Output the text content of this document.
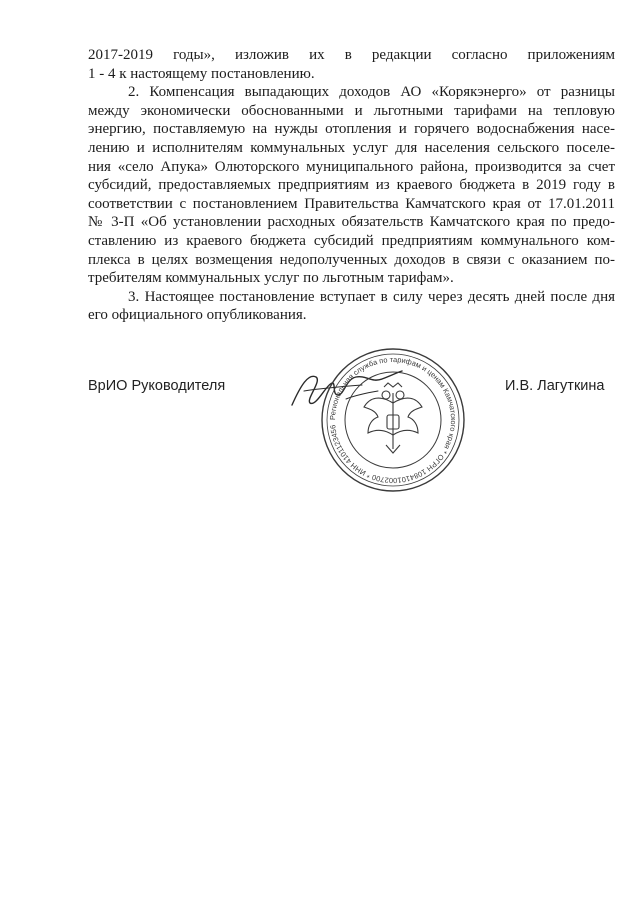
2017-2019 годы», изложив их в редакции согласно приложениям
1 - 4 к настоящему постановлению.
2. Компенсация выпадающих доходов АО «Корякэнерго» от разницы
между экономически обоснованными и льготными тарифами на тепловую
энергию, поставляемую на нужды отопления и горячего водоснабжения насе-
лению и исполнителям коммунальных услуг для населения сельского поселе-
ния «село Апука» Олюторского муниципального района, производится за счет
субсидий, предоставляемых предприятиям из краевого бюджета в 2019 году в
соответствии с постановлением Правительства Камчатского края от 17.01.2011
№ 3-П «Об установлении расходных обязательств Камчатского края по предо-
ставлению из краевого бюджета субсидий предприятиям коммунального ком-
плекса в целях возмещения недополученных доходов в связи с оказанием по-
требителям коммунальных услуг по льготным тарифам».
3. Настоящее постановление вступает в силу через десять дней после дня
его официального опубликования.
Региональная служба по тарифам и ценам Камчатского края * ОГРН 1084101002700 * ИНН 4101123456
ВрИО Руководителя	И.В. Лагуткина
